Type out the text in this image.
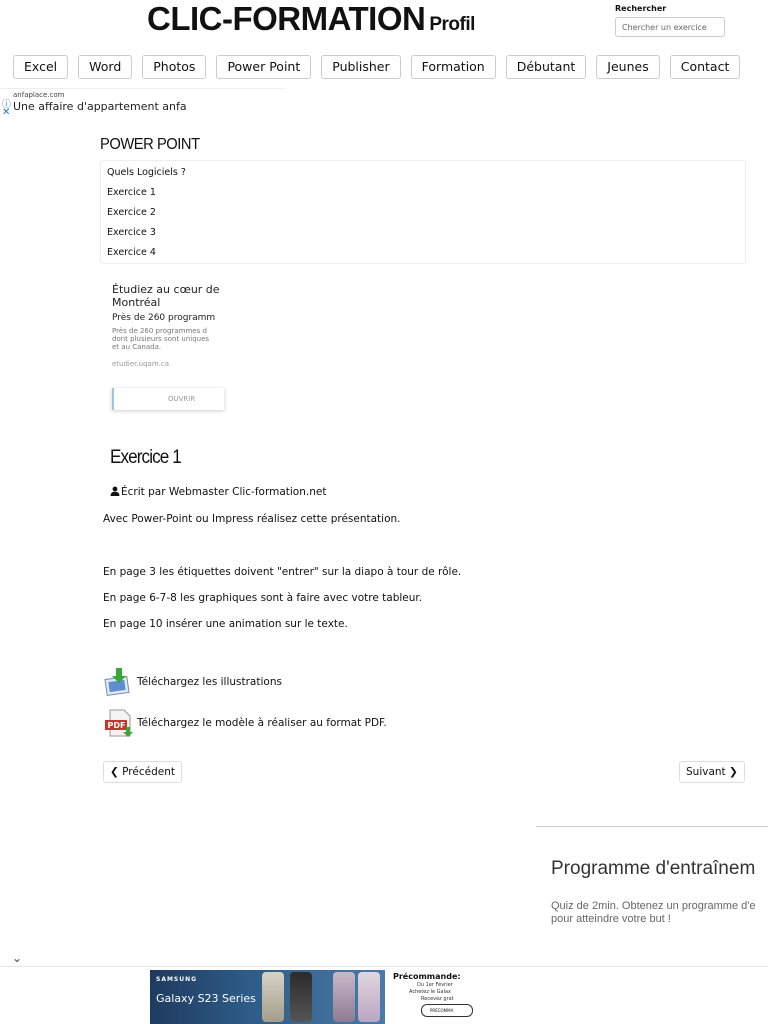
CLIC-FORMATION Profil
Rechercher
Chercher un exercice
Excel	Word	Photos	Power Point	Publisher	Formation	Débutant	Jeunes	Contact
ⓘ
✕
anfaplace.com
Une affaire d'appartement anfa
POWER POINT
Quels Logiciels ?
Exercice 1
Exercice 2
Exercice 3
Exercice 4
Étudiez au cœur de
Montréal
Près de 260 programm
Près de 260 programmes d
dont plusieurs sont uniques
et au Canada.
etudier.uqam.ca
OUVRIR
Exercice 1
Écrit par Webmaster Clic-formation.net
Avec Power-Point ou Impress réalisez cette présentation.
En page 3 les étiquettes doivent "entrer" sur la diapo à tour de rôle.
En page 6-7-8 les graphiques sont à faire avec votre tableur.
En page 10 insérer une animation sur le texte.
Téléchargez les illustrations
PDF Téléchargez le modèle à réaliser au format PDF.
❮ Précédent	Suivant ❯
Programme d'entraînem
Quiz de 2min. Obtenez un programme d'e
pour atteindre votre but !
⌄
SAMSUNG
Galaxy S23 Series
Précommande:
Du 1er Février
Achetez le Galax
Recevez grat
PRÉCOMMA
